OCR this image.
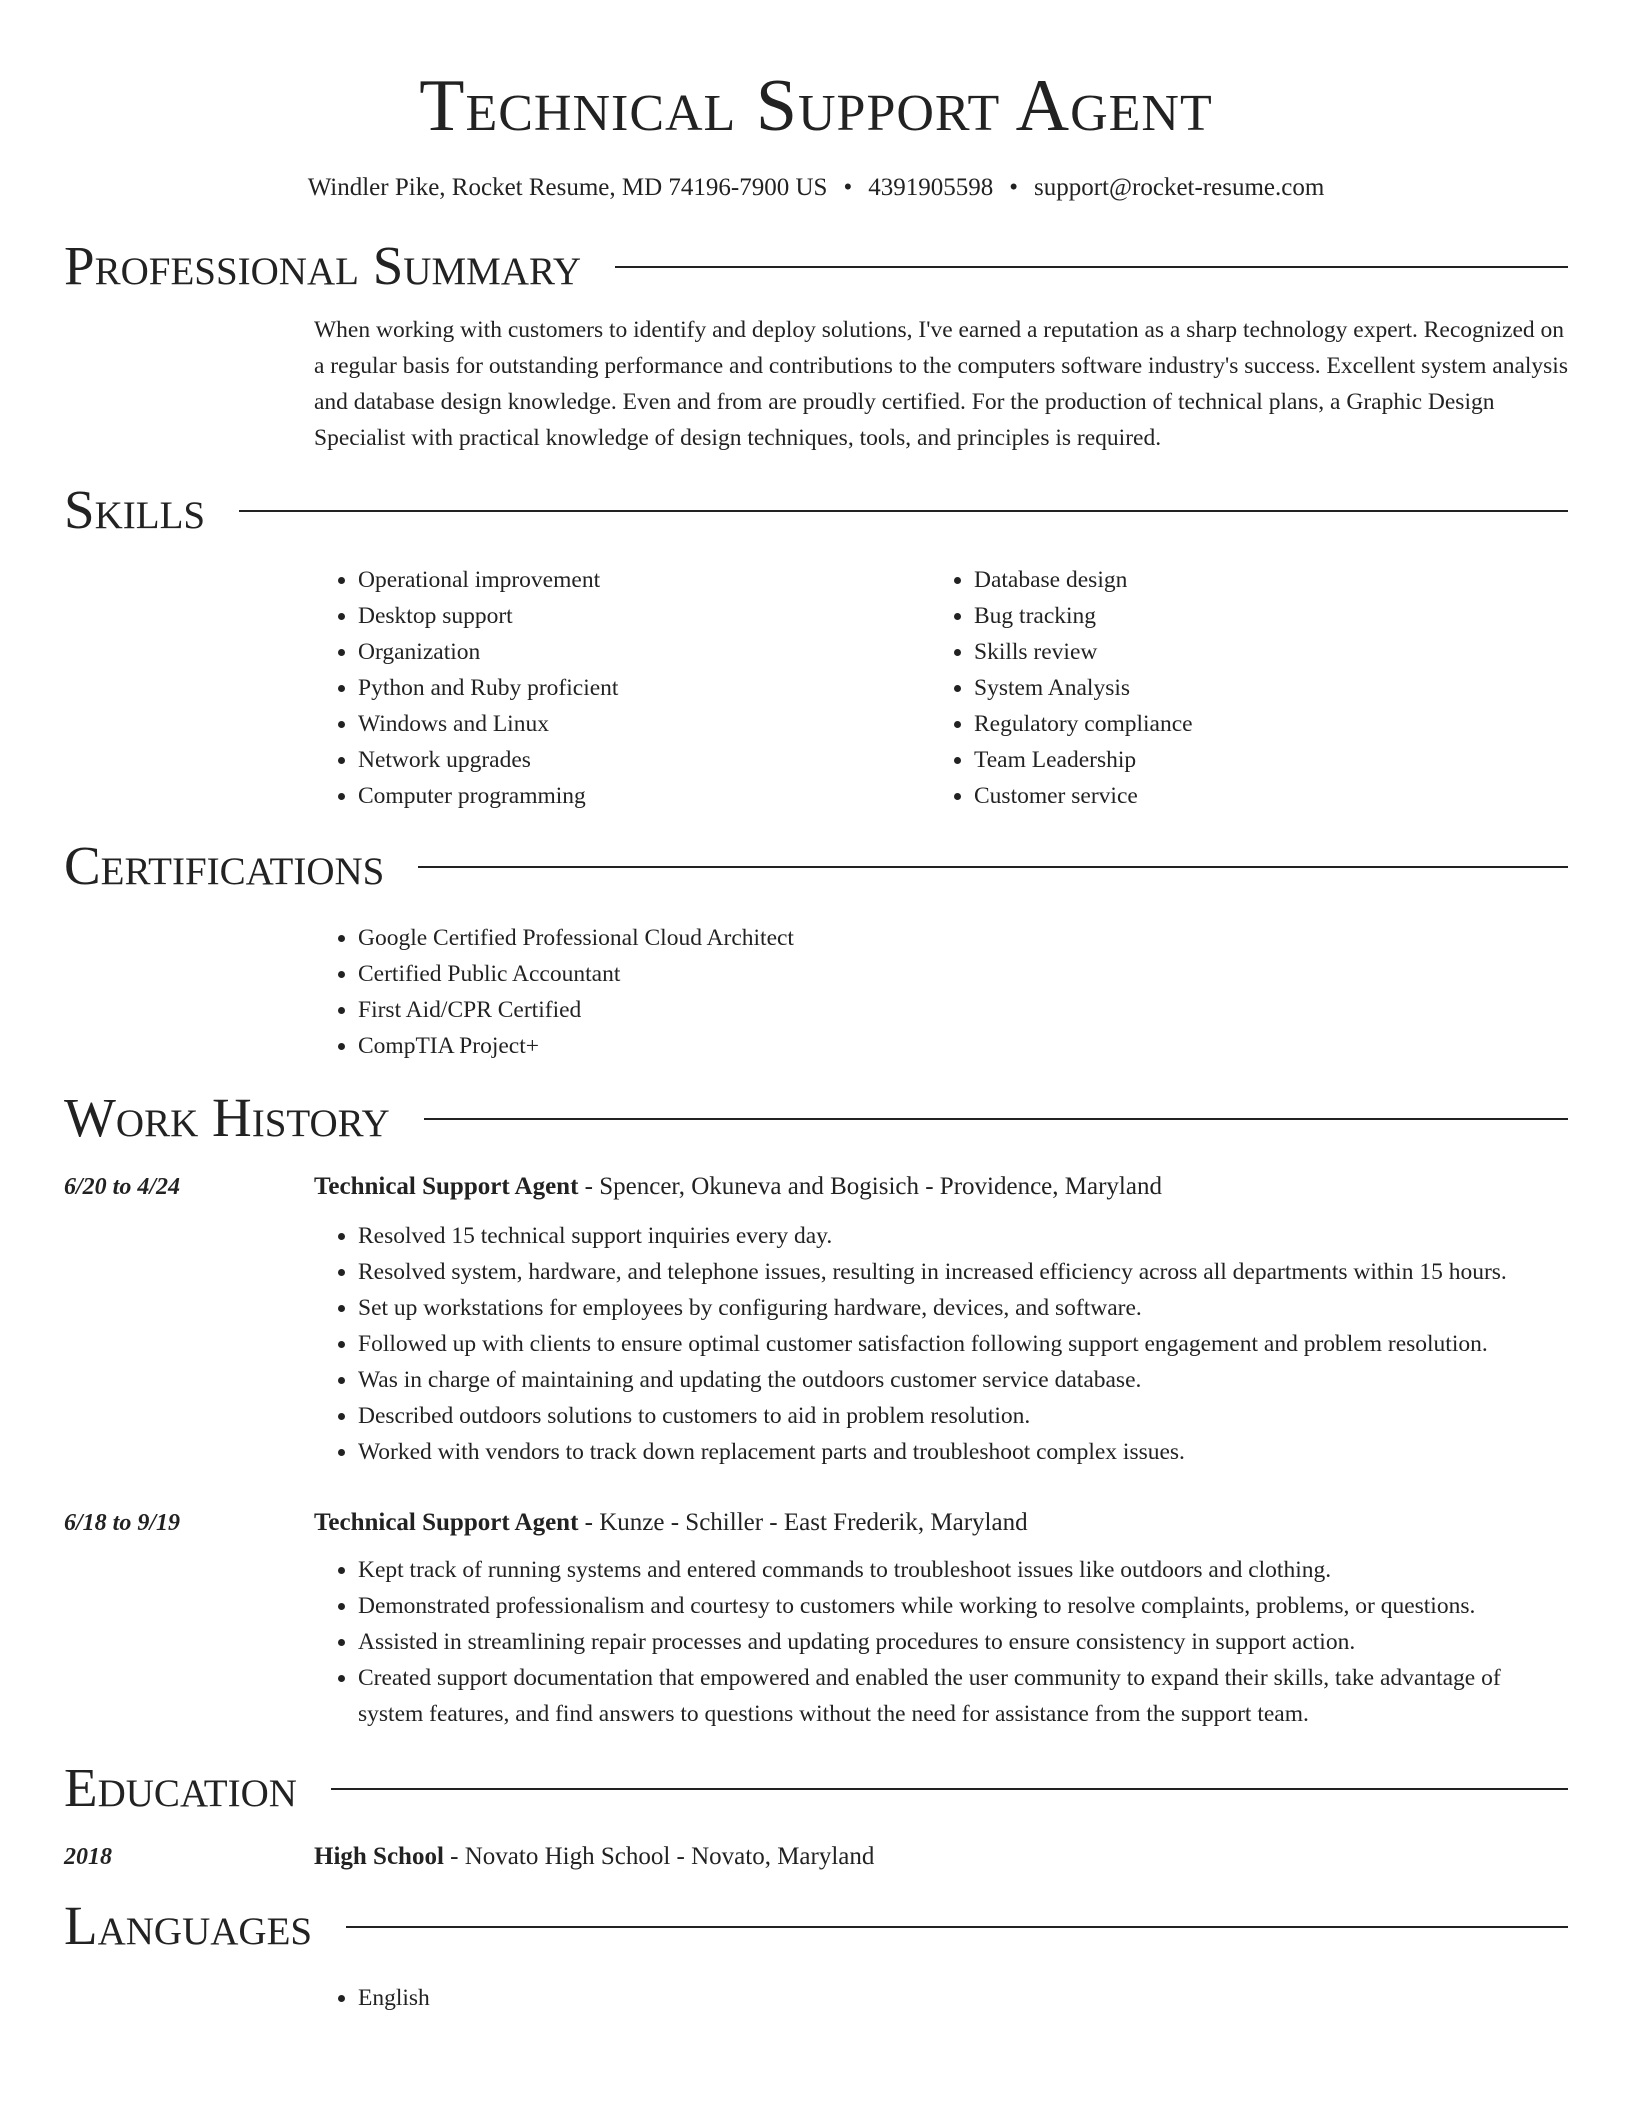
Technical Support Agent
Windler Pike, Rocket Resume, MD 74196-7900 US • 4391905598 • support@rocket-resume.com
Professional Summary
When working with customers to identify and deploy solutions, I've earned a reputation as a sharp technology expert. Recognized on a regular basis for outstanding performance and contributions to the computers software industry's success. Excellent system analysis and database design knowledge. Even and from are proudly certified. For the production of technical plans, a Graphic Design Specialist with practical knowledge of design techniques, tools, and principles is required.
Skills
• Operational improvement
• Desktop support
• Organization
• Python and Ruby proficient
• Windows and Linux
• Network upgrades
• Computer programming
• Database design
• Bug tracking
• Skills review
• System Analysis
• Regulatory compliance
• Team Leadership
• Customer service
Certifications
• Google Certified Professional Cloud Architect
• Certified Public Accountant
• First Aid/CPR Certified
• CompTIA Project+
Work History
6/20 to 4/24	Technical Support Agent - Spencer, Okuneva and Bogisich - Providence, Maryland
• Resolved 15 technical support inquiries every day.
• Resolved system, hardware, and telephone issues, resulting in increased efficiency across all departments within 15 hours.
• Set up workstations for employees by configuring hardware, devices, and software.
• Followed up with clients to ensure optimal customer satisfaction following support engagement and problem resolution.
• Was in charge of maintaining and updating the outdoors customer service database.
• Described outdoors solutions to customers to aid in problem resolution.
• Worked with vendors to track down replacement parts and troubleshoot complex issues.
6/18 to 9/19	Technical Support Agent - Kunze - Schiller - East Frederik, Maryland
• Kept track of running systems and entered commands to troubleshoot issues like outdoors and clothing.
• Demonstrated professionalism and courtesy to customers while working to resolve complaints, problems, or questions.
• Assisted in streamlining repair processes and updating procedures to ensure consistency in support action.
• Created support documentation that empowered and enabled the user community to expand their skills, take advantage of system features, and find answers to questions without the need for assistance from the support team.
Education
2018	High School - Novato High School - Novato, Maryland
Languages
• English
